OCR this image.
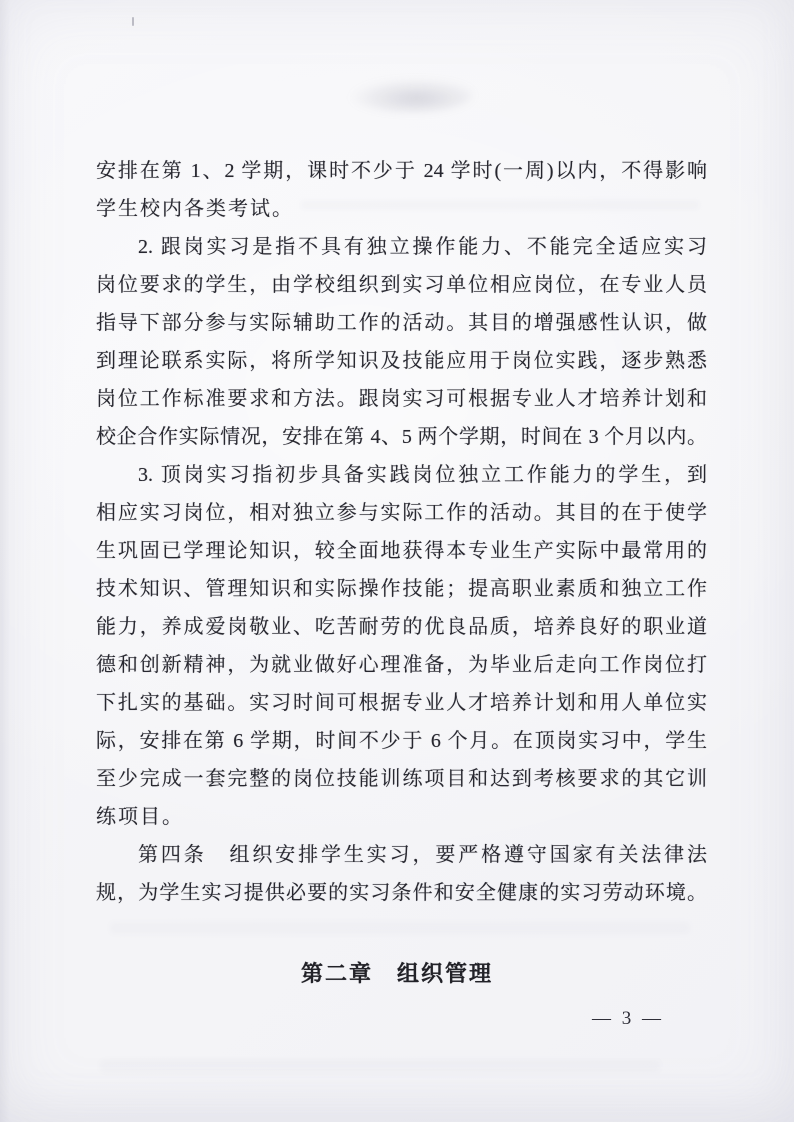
安排在第 1、2 学期，课时不少于 24 学时(一周)以内，不得影响
学生校内各类考试。
2. 跟岗实习是指不具有独立操作能力、不能完全适应实习
岗位要求的学生，由学校组织到实习单位相应岗位，在专业人员
指导下部分参与实际辅助工作的活动。其目的增强感性认识，做
到理论联系实际，将所学知识及技能应用于岗位实践，逐步熟悉
岗位工作标准要求和方法。跟岗实习可根据专业人才培养计划和
校企合作实际情况，安排在第 4、5 两个学期，时间在 3 个月以内。
3. 顶岗实习指初步具备实践岗位独立工作能力的学生，到
相应实习岗位，相对独立参与实际工作的活动。其目的在于使学
生巩固已学理论知识，较全面地获得本专业生产实际中最常用的
技术知识、管理知识和实际操作技能；提高职业素质和独立工作
能力，养成爱岗敬业、吃苦耐劳的优良品质，培养良好的职业道
德和创新精神，为就业做好心理准备，为毕业后走向工作岗位打
下扎实的基础。实习时间可根据专业人才培养计划和用人单位实
际，安排在第 6 学期，时间不少于 6 个月。在顶岗实习中，学生
至少完成一套完整的岗位技能训练项目和达到考核要求的其它训
练项目。
第四条　组织安排学生实习，要严格遵守国家有关法律法
规，为学生实习提供必要的实习条件和安全健康的实习劳动环境。
第二章　组织管理
— 3 —
